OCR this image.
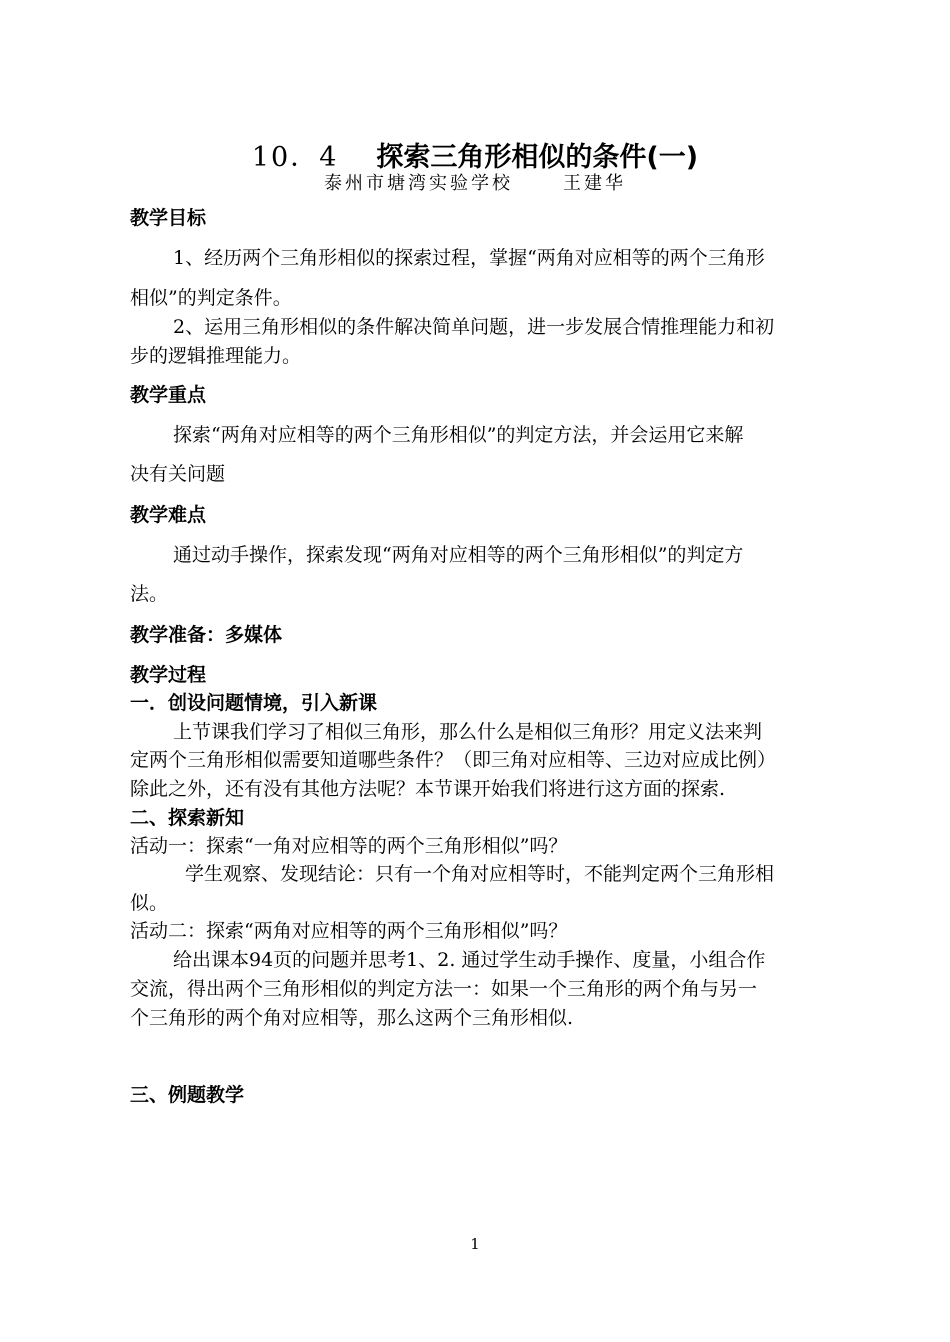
10．4 探索三角形相似的条件(一)
泰州市塘湾实验学校	王建华
教学目标
1、经历两个三角形相似的探索过程，掌握“两角对应相等的两个三角形
相似”的判定条件。
2、运用三角形相似的条件解决简单问题，进一步发展合情推理能力和初
步的逻辑推理能力。
教学重点
探索“两角对应相等的两个三角形相似”的判定方法，并会运用它来解
决有关问题
教学难点
通过动手操作，探索发现“两角对应相等的两个三角形相似”的判定方
法。
教学准备：多媒体
教学过程
一．创设问题情境，引入新课
上节课我们学习了相似三角形，那么什么是相似三角形？用定义法来判
定两个三角形相似需要知道哪些条件？（即三角对应相等、三边对应成比例）
除此之外，还有没有其他方法呢？本节课开始我们将进行这方面的探索.
二、探索新知
活动一：探索“一角对应相等的两个三角形相似”吗？
学生观察、发现结论：只有一个角对应相等时，不能判定两个三角形相
似。
活动二：探索“两角对应相等的两个三角形相似”吗？
给出课本94页的问题并思考1、2. 通过学生动手操作、度量，小组合作
交流，得出两个三角形相似的判定方法一：如果一个三角形的两个角与另一
个三角形的两个角对应相等，那么这两个三角形相似.
三、例题教学
1
